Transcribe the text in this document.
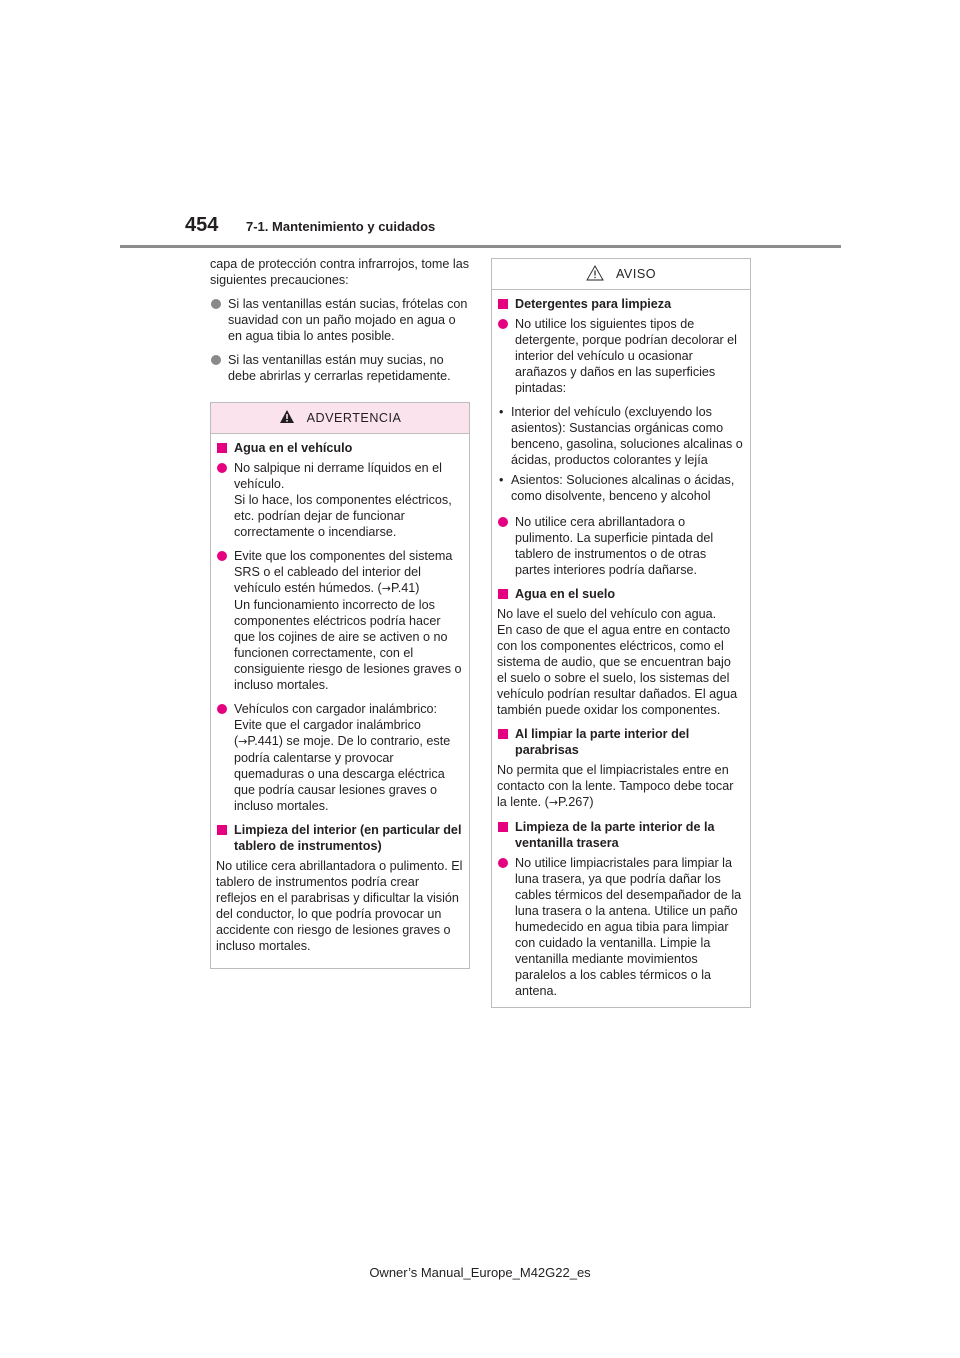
454 7-1. Mantenimiento y cuidados

capa de protección contra infrarrojos, tome las siguientes precauciones:

Si las ventanillas están sucias, frótelas con suavidad con un paño mojado en agua o en agua tibia lo antes posible.
Si las ventanillas están muy sucias, no debe abrirlas y cerrarlas repetidamente.
ADVERTENCIA
Agua en el vehículo
No salpique ni derrame líquidos en el vehículo.
Si lo hace, los componentes eléctricos, etc. podrían dejar de funcionar correctamente o incendiarse.
Evite que los componentes del sistema SRS o el cableado del interior del vehículo estén húmedos. (→P.41)
Un funcionamiento incorrecto de los componentes eléctricos podría hacer que los cojines de aire se activen o no funcionen correctamente, con el consiguiente riesgo de lesiones graves o incluso mortales.
Vehículos con cargador inalámbrico:
Evite que el cargador inalámbrico (→P.441) se moje. De lo contrario, este podría calentarse y provocar quemaduras o una descarga eléctrica que podría causar lesiones graves o incluso mortales.
Limpieza del interior (en particular del tablero de instrumentos)

No utilice cera abrillantadora o pulimento. El tablero de instrumentos podría crear reflejos en el parabrisas y dificultar la visión del conductor, lo que podría provocar un accidente con riesgo de lesiones graves o incluso mortales.

AVISO
Detergentes para limpieza
No utilice los siguientes tipos de detergente, porque podrían decolorar el interior del vehículo u ocasionar arañazos y daños en las superficies pintadas:
• Interior del vehículo (excluyendo los asientos): Sustancias orgánicas como benceno, gasolina, soluciones alcalinas o ácidas, productos colorantes y lejía
• Asientos: Soluciones alcalinas o ácidas, como disolvente, benceno y alcohol
No utilice cera abrillantadora o pulimento. La superficie pintada del tablero de instrumentos o de otras partes interiores podría dañarse.
Agua en el suelo
No lave el suelo del vehículo con agua.
En caso de que el agua entre en contacto con los componentes eléctricos, como el sistema de audio, que se encuentran bajo el suelo o sobre el suelo, los sistemas del vehículo podrían resultar dañados. El agua también puede oxidar los componentes.
Al limpiar la parte interior del parabrisas

No permita que el limpiacristales entre en contacto con la lente. Tampoco debe tocar la lente. (→P.267)

Limpieza de la parte interior de la ventanilla trasera
No utilice limpiacristales para limpiar la luna trasera, ya que podría dañar los cables térmicos del desempañador de la luna trasera o la antena. Utilice un paño humedecido en agua tibia para limpiar con cuidado la ventanilla. Limpie la ventanilla mediante movimientos paralelos a los cables térmicos o la antena.
Owner’s Manual_Europe_M42G22_es
